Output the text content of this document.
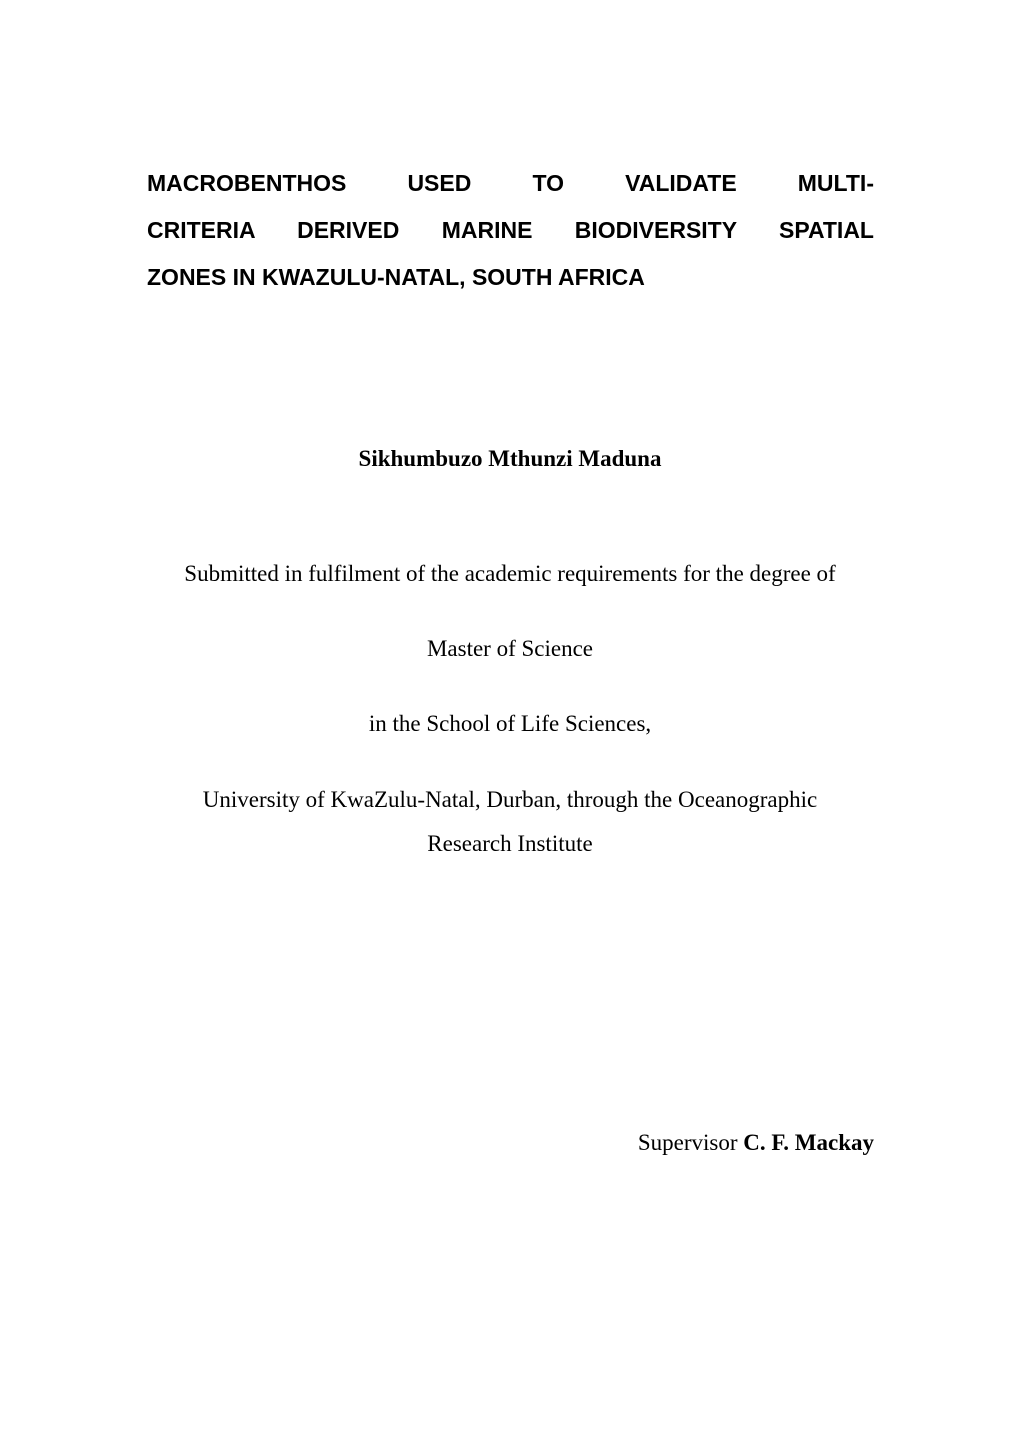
MACROBENTHOS USED TO VALIDATE MULTI-
CRITERIA DERIVED MARINE BIODIVERSITY SPATIAL
ZONES IN KWAZULU-NATAL, SOUTH AFRICA
Sikhumbuzo Mthunzi Maduna
Submitted in fulfilment of the academic requirements for the degree of
Master of Science
in the School of Life Sciences,
University of KwaZulu-Natal, Durban, through the Oceanographic
Research Institute
Supervisor C. F. Mackay
